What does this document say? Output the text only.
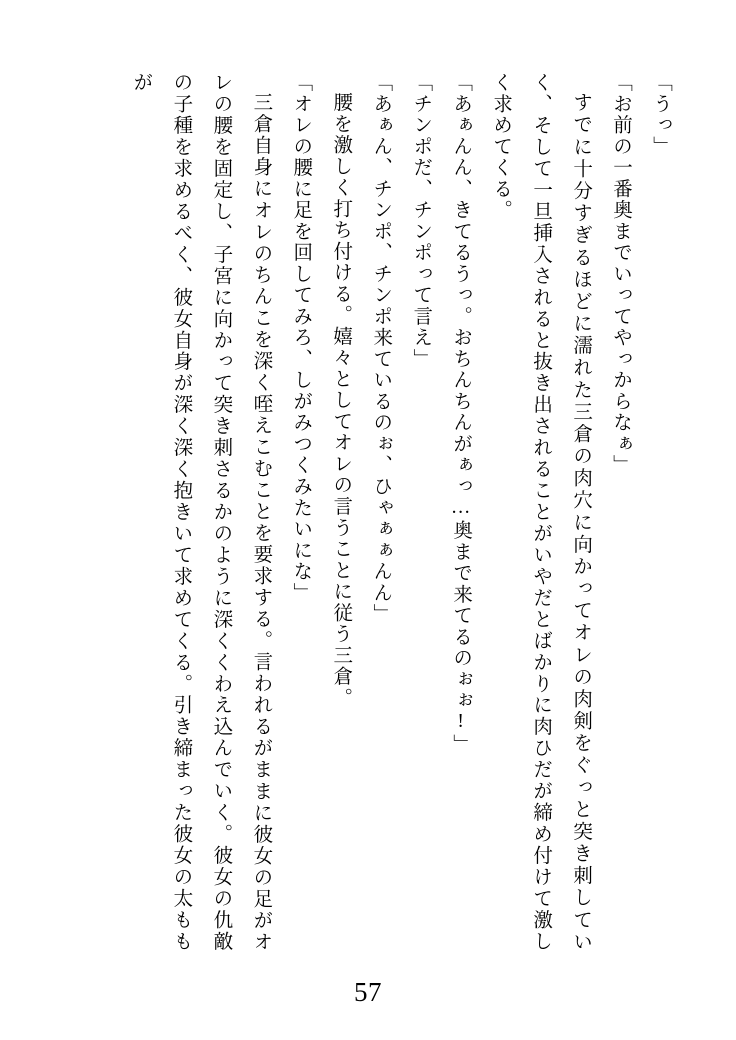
「うっ」

「お前の一番奥までいってやっからなぁ」

すでに十分すぎるほどに濡れた三倉の肉穴に向かってオレの肉剣をぐっと突き刺していく、そして一旦挿入されると抜き出されることがいやだとばかりに肉ひだが締め付けて激しく求めてくる。

「あぁんん、きてるうっ。おちんちんがぁっ…奥まで来てるのぉぉ!」

「チンポだ、チンポって言え」

「あぁん、チンポ、チンポ来ているのぉ、ひゃぁぁんん」

腰を激しく打ち付ける。嬉々としてオレの言うことに従う三倉。

「オレの腰に足を回してみろ、しがみつくみたいにな」

三倉自身にオレのちんこを深く咥えこむことを要求する。言われるがままに彼女の足がオレの腰を固定し、子宮に向かって突き刺さるかのように深くくわえ込んでいく。彼女の仇敵の子種を求めるべく、彼女自身が深く深く抱きいて求めてくる。引き締まった彼女の太ももが

57
